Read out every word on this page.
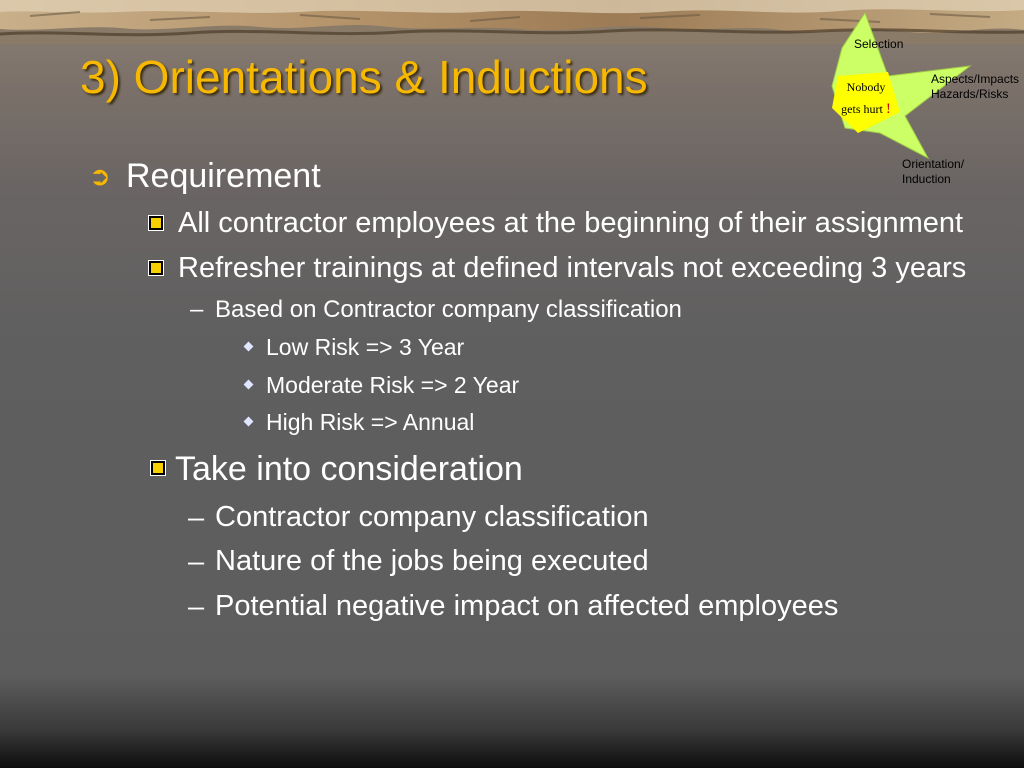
3) Orientations & Inductions
Selection
Aspects/Impacts
Hazards/Risks
Orientation/
Induction
Nobody
gets hurt !
➲ Requirement
All contractor employees at the beginning of their assignment
Refresher trainings at defined intervals not exceeding 3 years
– Based on Contractor company classification
Low Risk => 3 Year
Moderate Risk => 2 Year
High Risk => Annual
Take into consideration
– Contractor company classification
– Nature of the jobs being executed
– Potential negative impact on affected employees
